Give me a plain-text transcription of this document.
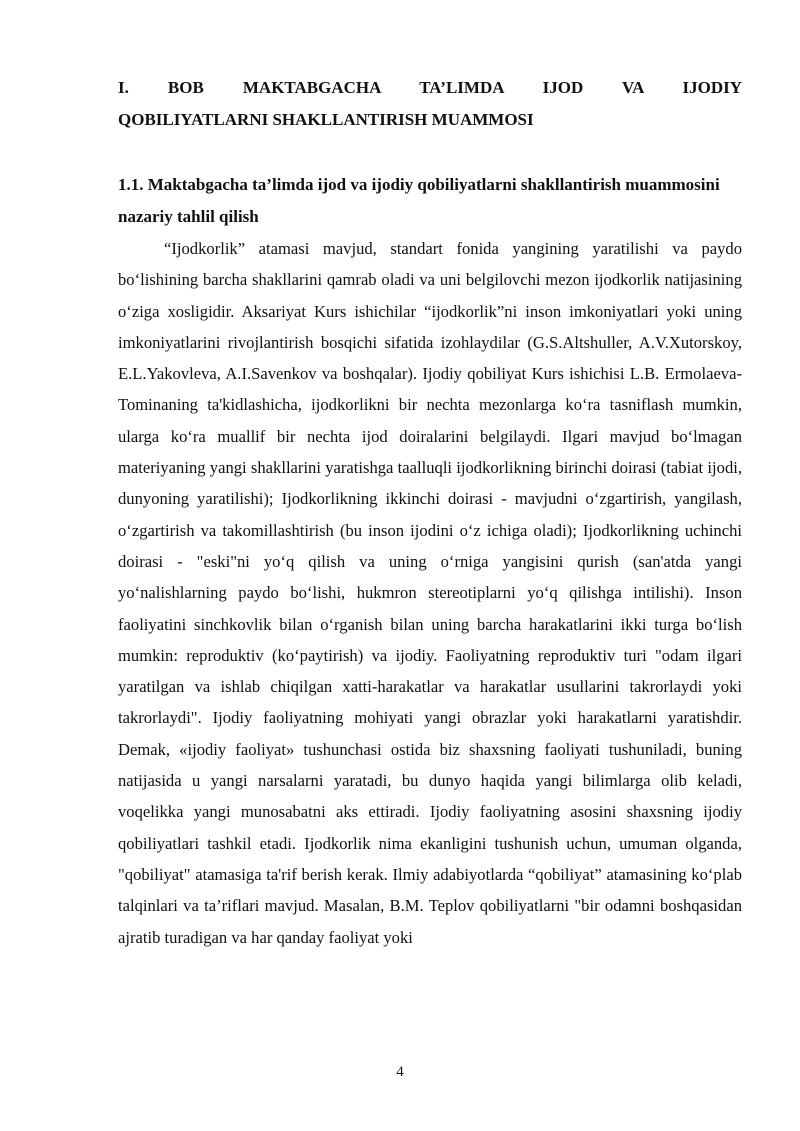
I. BOB MAKTABGACHA TA’LIMDA IJOD VA IJODIY
QOBILIYATLARNI SHAKLLANTIRISH MUAMMOSI
1.1. Maktabgacha ta’limda ijod va ijodiy qobiliyatlarni shakllantirish muammosini nazariy tahlil qilish

“Ijodkorlik” atamasi mavjud, standart fonida yangining yaratilishi va paydo bo‘lishining barcha shakllarini qamrab oladi va uni belgilovchi mezon ijodkorlik natijasining o‘ziga xosligidir. Aksariyat Kurs ishichilar “ijodkorlik”ni inson imkoniyatlari yoki uning imkoniyatlarini rivojlantirish bosqichi sifatida izohlaydilar (G.S.Altshuller, A.V.Xutorskoy, E.L.Yakovleva, A.I.Savenkov va boshqalar). Ijodiy qobiliyat Kurs ishichisi L.B. Ermolaeva-Tominaning ta'kidlashicha, ijodkorlikni bir nechta mezonlarga ko‘ra tasniflash mumkin, ularga ko‘ra muallif bir nechta ijod doiralarini belgilaydi. Ilgari mavjud bo‘lmagan materiyaning yangi shakllarini yaratishga taalluqli ijodkorlikning birinchi doirasi (tabiat ijodi, dunyoning yaratilishi); Ijodkorlikning ikkinchi doirasi - mavjudni o‘zgartirish, yangilash, o‘zgartirish va takomillashtirish (bu inson ijodini o‘z ichiga oladi); Ijodkorlikning uchinchi doirasi - "eski"ni yo‘q qilish va uning o‘rniga yangisini qurish (san'atda yangi yo‘nalishlarning paydo bo‘lishi, hukmron stereotiplarni yo‘q qilishga intilishi). Inson faoliyatini sinchkovlik bilan o‘rganish bilan uning barcha harakatlarini ikki turga bo‘lish mumkin: reproduktiv (ko‘paytirish) va ijodiy. Faoliyatning reproduktiv turi "odam ilgari yaratilgan va ishlab chiqilgan xatti-harakatlar va harakatlar usullarini takrorlaydi yoki takrorlaydi". Ijodiy faoliyatning mohiyati yangi obrazlar yoki harakatlarni yaratishdir. Demak, «ijodiy faoliyat» tushunchasi ostida biz shaxsning faoliyati tushuniladi, buning natijasida u yangi narsalarni yaratadi, bu dunyo haqida yangi bilimlarga olib keladi, voqelikka yangi munosabatni aks ettiradi. Ijodiy faoliyatning asosini shaxsning ijodiy qobiliyatlari tashkil etadi. Ijodkorlik nima ekanligini tushunish uchun, umuman olganda, "qobiliyat" atamasiga ta'rif berish kerak. Ilmiy adabiyotlarda “qobiliyat” atamasining ko‘plab talqinlari va ta’riflari mavjud. Masalan, B.M. Teplov qobiliyatlarni "bir odamni boshqasidan ajratib turadigan va har qanday faoliyat yoki

4
